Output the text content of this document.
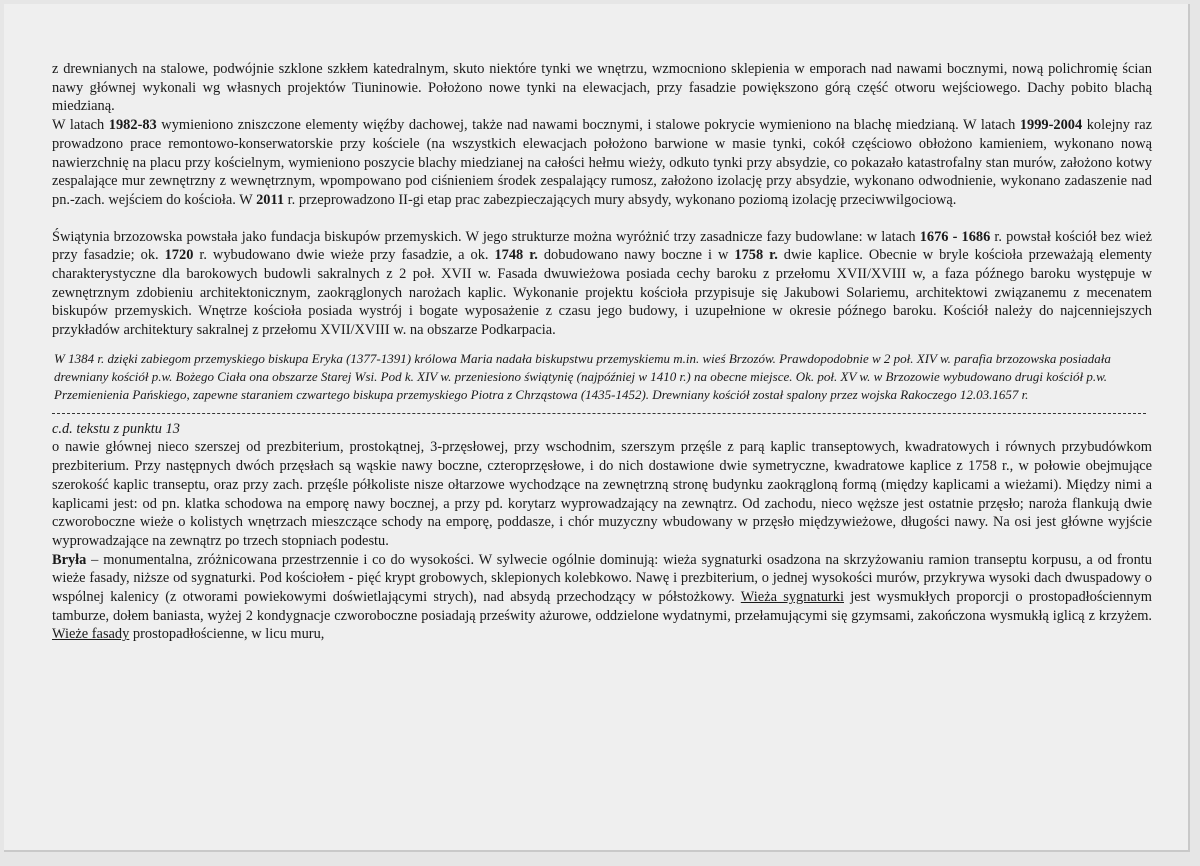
z drewnianych na stalowe, podwójnie szklone szkłem katedralnym, skuto niektóre tynki we wnętrzu, wzmocniono sklepienia w emporach nad nawami bocznymi, nową polichromię ścian nawy głównej wykonali wg własnych projektów Tiuninowie. Położono nowe tynki na elewacjach, przy fasadzie powiększono górą część otworu wejściowego. Dachy pobito blachą miedzianą.

W latach 1982-83 wymieniono zniszczone elementy więźby dachowej, także nad nawami bocznymi, i stalowe pokrycie wymieniono na blachę miedzianą. W latach 1999-2004 kolejny raz prowadzono prace remontowo-konserwatorskie przy kościele (na wszystkich elewacjach położono barwione w masie tynki, cokół częściowo obłożono kamieniem, wykonano nową nawierzchnię na placu przy kościelnym, wymieniono poszycie blachy miedzianej na całości hełmu wieży, odkuto tynki przy absydzie, co pokazało katastrofalny stan murów, założono kotwy zespalające mur zewnętrzny z wewnętrznym, wpompowano pod ciśnieniem środek zespalający rumosz, założono izolację przy absydzie, wykonano odwodnienie, wykonano zadaszenie nad pn.-zach. wejściem do kościoła. W 2011 r. przeprowadzono II-gi etap prac zabezpieczających mury absydy, wykonano poziomą izolację przeciwwilgociową.

Świątynia brzozowska powstała jako fundacja biskupów przemyskich. W jego strukturze można wyróżnić trzy zasadnicze fazy budowlane: w latach 1676 - 1686 r. powstał kościół bez wież przy fasadzie; ok. 1720 r. wybudowano dwie wieże przy fasadzie, a ok. 1748 r. dobudowano nawy boczne i w 1758 r. dwie kaplice. Obecnie w bryle kościoła przeważają elementy charakterystyczne dla barokowych budowli sakralnych z 2 poł. XVII w. Fasada dwuwieżowa posiada cechy baroku z przełomu XVII/XVIII w, a faza późnego baroku występuje w zewnętrznym zdobieniu architektonicznym, zaokrąglonych narożach kaplic. Wykonanie projektu kościoła przypisuje się Jakubowi Solariemu, architektowi związanemu z mecenatem biskupów przemyskich. Wnętrze kościoła posiada wystrój i bogate wyposażenie z czasu jego budowy, i uzupełnione w okresie późnego baroku. Kościół należy do najcenniejszych przykładów architektury sakralnej z przełomu XVII/XVIII w. na obszarze Podkarpacia.

W 1384 r. dzięki zabiegom przemyskiego biskupa Eryka (1377-1391) królowa Maria nadała biskupstwu przemyskiemu m.in. wieś Brzozów. Prawdopodobnie w 2 poł. XIV w. parafia brzozowska posiadała drewniany kościół p.w. Bożego Ciała ona obszarze Starej Wsi. Pod k. XIV w. przeniesiono świątynię (najpóźniej w 1410 r.) na obecne miejsce. Ok. poł. XV w. w Brzozowie wybudowano drugi kościół p.w. Przemienienia Pańskiego, zapewne staraniem czwartego biskupa przemyskiego Piotra z Chrząstowa (1435-1452). Drewniany kościół został spalony przez wojska Rakoczego 12.03.1657 r.

c.d. tekstu z punktu 13

o nawie głównej nieco szerszej od prezbiterium, prostokątnej, 3-przęsłowej, przy wschodnim, szerszym przęśle z parą kaplic transeptowych, kwadratowych i równych przybudówkom prezbiterium. Przy następnych dwóch przęsłach są wąskie nawy boczne, czteroprzęsłowe, i do nich dostawione dwie symetryczne, kwadratowe kaplice z 1758 r., w połowie obejmujące szerokość kaplic transeptu, oraz przy zach. przęśle półkoliste nisze ołtarzowe wychodzące na zewnętrzną stronę budynku zaokrągloną formą (między kaplicami a wieżami). Między nimi a kaplicami jest: od pn. klatka schodowa na emporę nawy bocznej, a przy pd. korytarz wyprowadzający na zewnątrz. Od zachodu, nieco węższe jest ostatnie przęsło; naroża flankują dwie czworoboczne wieże o kolistych wnętrzach mieszczące schody na emporę, poddasze, i chór muzyczny wbudowany w przęsło międzywieżowe, długości nawy. Na osi jest główne wyjście wyprowadzające na zewnątrz po trzech stopniach podestu.

Bryła – monumentalna, zróżnicowana przestrzennie i co do wysokości. W sylwecie ogólnie dominują: wieża sygnaturki osadzona na skrzyżowaniu ramion transeptu korpusu, a od frontu wieże fasady, niższe od sygnaturki. Pod kościołem - pięć krypt grobowych, sklepionych kolebkowo. Nawę i prezbiterium, o jednej wysokości murów, przykrywa wysoki dach dwuspadowy o wspólnej kalenicy (z otworami powiekowymi doświetlającymi strych), nad absydą przechodzący w półstożkowy. Wieża sygnaturki jest wysmukłych proporcji o prostopadłościennym tamburze, dołem baniasta, wyżej 2 kondygnacje czworoboczne posiadają prześwity ażurowe, oddzielone wydatnymi, przełamującymi się gzymsami, zakończona wysmukłą iglicą z krzyżem. Wieże fasady prostopadłościenne, w licu muru,
